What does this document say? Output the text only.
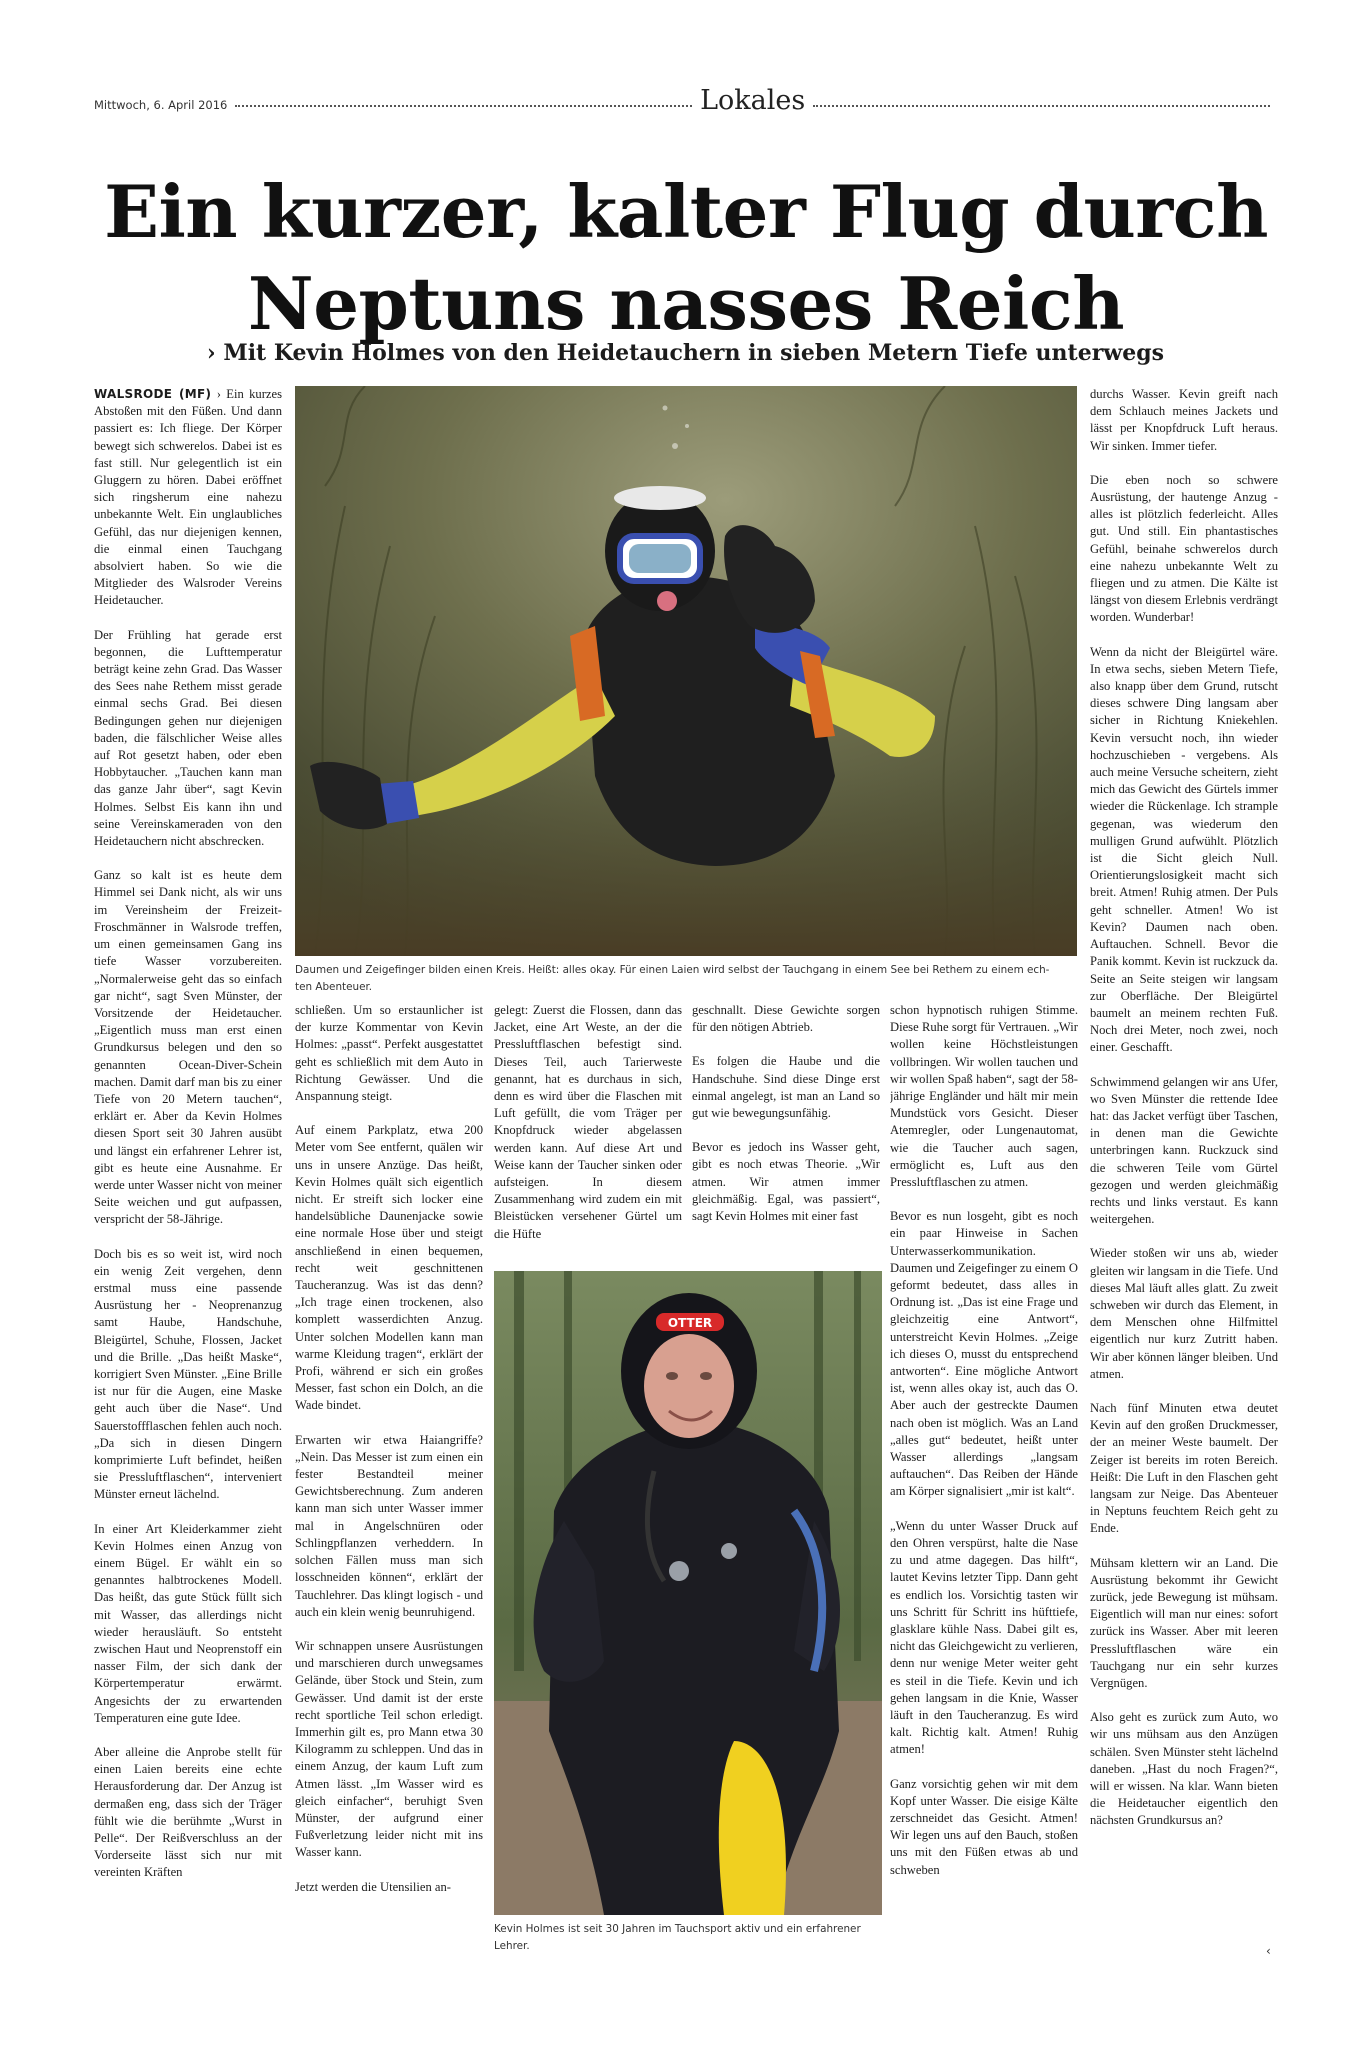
Mittwoch, 6. April 2016	Lokales
Ein kurzer, kalter Flug durch
Neptuns nasses Reich
› Mit Kevin Holmes von den Heidetauchern in sieben Metern Tiefe unterwegs
Daumen und Zeigefinger bilden einen Kreis. Heißt: alles okay. Für einen Laien wird selbst der Tauchgang in einem See bei Rethem zu einem ech-
ten Abenteuer.
OTTER
Kevin Holmes ist seit 30 Jahren im Tauchsport aktiv und ein erfahrener
Lehrer.

WALSRODE (MF) › Ein kurzes Abstoßen mit den Füßen. Und dann passiert es: Ich fliege. Der Körper bewegt sich schwerelos. Dabei ist es fast still. Nur gelegentlich ist ein Gluggern zu hören. Dabei eröffnet sich ringsherum eine nahezu unbekannte Welt. Ein unglaubliches Gefühl, das nur diejenigen kennen, die einmal einen Tauchgang absolviert haben. So wie die Mitglieder des Walsroder Vereins Heidetaucher.

Der Frühling hat gerade erst begonnen, die Lufttemperatur beträgt keine zehn Grad. Das Wasser des Sees nahe Rethem misst gerade einmal sechs Grad. Bei diesen Bedingungen gehen nur diejenigen baden, die fälschlicher Weise alles auf Rot gesetzt haben, oder eben Hobbytaucher. „Tauchen kann man das ganze Jahr über“, sagt Kevin Holmes. Selbst Eis kann ihn und seine Vereinskameraden von den Heidetauchern nicht abschrecken.

Ganz so kalt ist es heute dem Himmel sei Dank nicht, als wir uns im Vereinsheim der Freizeit-Froschmänner in Walsrode treffen, um einen gemeinsamen Gang ins tiefe Wasser vorzubereiten. „Normalerweise geht das so einfach gar nicht“, sagt Sven Münster, der Vorsitzende der Heidetaucher. „Eigentlich muss man erst einen Grundkursus belegen und den so genannten Ocean-Diver-Schein machen. Damit darf man bis zu einer Tiefe von 20 Metern tauchen“, erklärt er. Aber da Kevin Holmes diesen Sport seit 30 Jahren ausübt und längst ein erfahrener Lehrer ist, gibt es heute eine Ausnahme. Er werde unter Wasser nicht von meiner Seite weichen und gut aufpassen, verspricht der 58-Jährige.

Doch bis es so weit ist, wird noch ein wenig Zeit vergehen, denn erstmal muss eine passende Ausrüstung her - Neoprenanzug samt Haube, Handschuhe, Bleigürtel, Schuhe, Flossen, Jacket und die Brille. „Das heißt Maske“, korrigiert Sven Münster. „Eine Brille ist nur für die Augen, eine Maske geht auch über die Nase“. Und Sauerstoffflaschen fehlen auch noch. „Da sich in diesen Dingern komprimierte Luft befindet, heißen sie Pressluftflaschen“, interveniert Münster erneut lächelnd.

In einer Art Kleiderkammer zieht Kevin Holmes einen Anzug von einem Bügel. Er wählt ein so genanntes halbtrockenes Modell. Das heißt, das gute Stück füllt sich mit Wasser, das allerdings nicht wieder herausläuft. So entsteht zwischen Haut und Neoprenstoff ein nasser Film, der sich dank der Körpertemperatur erwärmt. Angesichts der zu erwartenden Temperaturen eine gute Idee.

Aber alleine die Anprobe stellt für einen Laien bereits eine echte Herausforderung dar. Der Anzug ist dermaßen eng, dass sich der Träger fühlt wie die berühmte „Wurst in Pelle“. Der Reißverschluss an der Vorderseite lässt sich nur mit vereinten Kräften

schließen. Um so erstaunlicher ist der kurze Kommentar von Kevin Holmes: „passt“. Perfekt ausgestattet geht es schließlich mit dem Auto in Richtung Gewässer. Und die Anspannung steigt.

Auf einem Parkplatz, etwa 200 Meter vom See entfernt, quälen wir uns in unsere Anzüge. Das heißt, Kevin Holmes quält sich eigentlich nicht. Er streift sich locker eine handelsübliche Daunenjacke sowie eine normale Hose über und steigt anschließend in einen bequemen, recht weit geschnittenen Taucheranzug. Was ist das denn? „Ich trage einen trockenen, also komplett wasserdichten Anzug. Unter solchen Modellen kann man warme Kleidung tragen“, erklärt der Profi, während er sich ein großes Messer, fast schon ein Dolch, an die Wade bindet.

Erwarten wir etwa Haiangriffe? „Nein. Das Messer ist zum einen ein fester Bestandteil meiner Gewichtsberechnung. Zum anderen kann man sich unter Wasser immer mal in Angelschnüren oder Schlingpflanzen verheddern. In solchen Fällen muss man sich losschneiden können“, erklärt der Tauchlehrer. Das klingt logisch - und auch ein klein wenig beunruhigend.

Wir schnappen unsere Ausrüstungen und marschieren durch unwegsames Gelände, über Stock und Stein, zum Gewässer. Und damit ist der erste recht sportliche Teil schon erledigt. Immerhin gilt es, pro Mann etwa 30 Kilogramm zu schleppen. Und das in einem Anzug, der kaum Luft zum Atmen lässt. „Im Wasser wird es gleich einfacher“, beruhigt Sven Münster, der aufgrund einer Fußverletzung leider nicht mit ins Wasser kann.

Jetzt werden die Utensilien an-

gelegt: Zuerst die Flossen, dann das Jacket, eine Art Weste, an der die Pressluftflaschen befestigt sind. Dieses Teil, auch Tarierweste genannt, hat es durchaus in sich, denn es wird über die Flaschen mit Luft gefüllt, die vom Träger per Knopfdruck wieder abgelassen werden kann. Auf diese Art und Weise kann der Taucher sinken oder aufsteigen. In diesem Zusammenhang wird zudem ein mit Bleistücken versehener Gürtel um die Hüfte

geschnallt. Diese Gewichte sorgen für den nötigen Abtrieb.

Es folgen die Haube und die Handschuhe. Sind diese Dinge erst einmal angelegt, ist man an Land so gut wie bewegungsunfähig.

Bevor es jedoch ins Wasser geht, gibt es noch etwas Theorie. „Wir atmen. Wir atmen immer gleichmäßig. Egal, was passiert“, sagt Kevin Holmes mit einer fast

schon hypnotisch ruhigen Stimme. Diese Ruhe sorgt für Vertrauen. „Wir wollen keine Höchstleistungen vollbringen. Wir wollen tauchen und wir wollen Spaß haben“, sagt der 58-jährige Engländer und hält mir mein Mundstück vors Gesicht. Dieser Atemregler, oder Lungenautomat, wie die Taucher auch sagen, ermöglicht es, Luft aus den Pressluftflaschen zu atmen.

Bevor es nun losgeht, gibt es noch ein paar Hinweise in Sachen Unterwasserkommunikation. Daumen und Zeigefinger zu einem O geformt bedeutet, dass alles in Ordnung ist. „Das ist eine Frage und gleichzeitig eine Antwort“, unterstreicht Kevin Holmes. „Zeige ich dieses O, musst du entsprechend antworten“. Eine mögliche Antwort ist, wenn alles okay ist, auch das O. Aber auch der gestreckte Daumen nach oben ist möglich. Was an Land „alles gut“ bedeutet, heißt unter Wasser allerdings „langsam auftauchen“. Das Reiben der Hände am Körper signalisiert „mir ist kalt“.

„Wenn du unter Wasser Druck auf den Ohren verspürst, halte die Nase zu und atme dagegen. Das hilft“, lautet Kevins letzter Tipp. Dann geht es endlich los. Vorsichtig tasten wir uns Schritt für Schritt ins hüfttiefe, glasklare kühle Nass. Dabei gilt es, nicht das Gleichgewicht zu verlieren, denn nur wenige Meter weiter geht es steil in die Tiefe. Kevin und ich gehen langsam in die Knie, Wasser läuft in den Taucheranzug. Es wird kalt. Richtig kalt. Atmen! Ruhig atmen!

Ganz vorsichtig gehen wir mit dem Kopf unter Wasser. Die eisige Kälte zerschneidet das Gesicht. Atmen! Wir legen uns auf den Bauch, stoßen uns mit den Füßen etwas ab und schweben

durchs Wasser. Kevin greift nach dem Schlauch meines Jackets und lässt per Knopfdruck Luft heraus. Wir sinken. Immer tiefer.

Die eben noch so schwere Ausrüstung, der hautenge Anzug - alles ist plötzlich federleicht. Alles gut. Und still. Ein phantastisches Gefühl, beinahe schwerelos durch eine nahezu unbekannte Welt zu fliegen und zu atmen. Die Kälte ist längst von diesem Erlebnis verdrängt worden. Wunderbar!

Wenn da nicht der Bleigürtel wäre. In etwa sechs, sieben Metern Tiefe, also knapp über dem Grund, rutscht dieses schwere Ding langsam aber sicher in Richtung Kniekehlen. Kevin versucht noch, ihn wieder hochzuschieben - vergebens. Als auch meine Versuche scheitern, zieht mich das Gewicht des Gürtels immer wieder die Rückenlage. Ich strample gegenan, was wiederum den mulligen Grund aufwühlt. Plötzlich ist die Sicht gleich Null. Orientierungslosigkeit macht sich breit. Atmen! Ruhig atmen. Der Puls geht schneller. Atmen! Wo ist Kevin? Daumen nach oben. Auftauchen. Schnell. Bevor die Panik kommt. Kevin ist ruckzuck da. Seite an Seite steigen wir langsam zur Oberfläche. Der Bleigürtel baumelt an meinem rechten Fuß. Noch drei Meter, noch zwei, noch einer. Geschafft.

Schwimmend gelangen wir ans Ufer, wo Sven Münster die rettende Idee hat: das Jacket verfügt über Taschen, in denen man die Gewichte unterbringen kann. Ruckzuck sind die schweren Teile vom Gürtel gezogen und werden gleichmäßig rechts und links verstaut. Es kann weitergehen.

Wieder stoßen wir uns ab, wieder gleiten wir langsam in die Tiefe. Und dieses Mal läuft alles glatt. Zu zweit schweben wir durch das Element, in dem Menschen ohne Hilfmittel eigentlich nur kurz Zutritt haben. Wir aber können länger bleiben. Und atmen.

Nach fünf Minuten etwa deutet Kevin auf den großen Druckmesser, der an meiner Weste baumelt. Der Zeiger ist bereits im roten Bereich. Heißt: Die Luft in den Flaschen geht langsam zur Neige. Das Abenteuer in Neptuns feuchtem Reich geht zu Ende.

Mühsam klettern wir an Land. Die Ausrüstung bekommt ihr Gewicht zurück, jede Bewegung ist mühsam. Eigentlich will man nur eines: sofort zurück ins Wasser. Aber mit leeren Pressluftflaschen wäre ein Tauchgang nur ein sehr kurzes Vergnügen.

Also geht es zurück zum Auto, wo wir uns mühsam aus den Anzügen schälen. Sven Münster steht lächelnd daneben. „Hast du noch Fragen?“, will er wissen. Na klar. Wann bieten die Heidetaucher eigentlich den nächsten Grundkursus an?

‹
